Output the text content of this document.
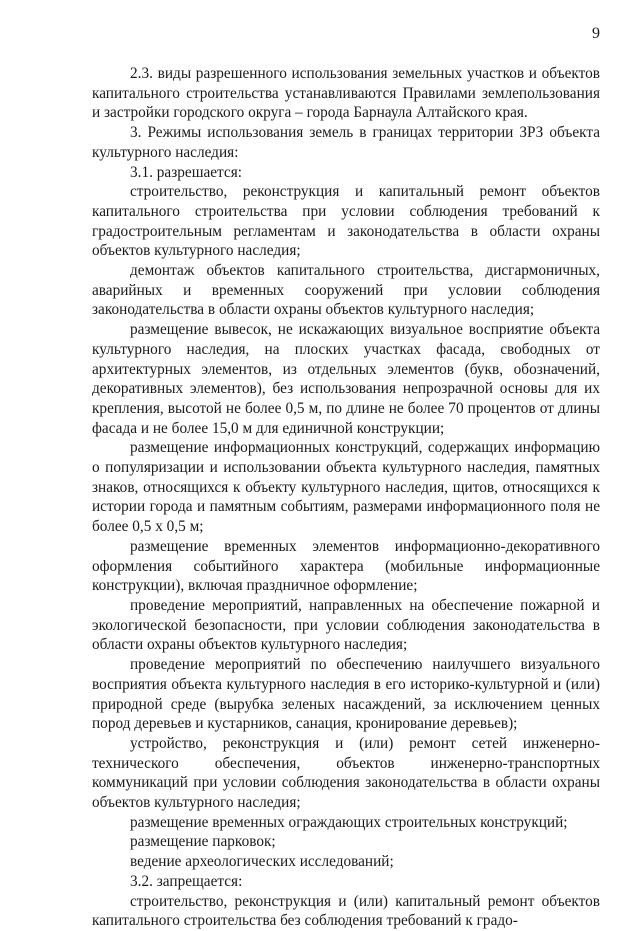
9

2.3. виды разрешенного использования земельных участков и объектов капитального строительства устанавливаются Правилами землепользования и застройки городского округа – города Барнаула Алтайского края.

3. Режимы использования земель в границах территории ЗРЗ объекта культурного наследия:

3.1. разрешается:

строительство, реконструкция и капитальный ремонт объектов капитального строительства при условии соблюдения требований к градостроительным регламентам и законодательства в области охраны объектов культурного наследия;

демонтаж объектов капитального строительства, дисгармоничных, аварийных и временных сооружений при условии соблюдения законодательства в области охраны объектов культурного наследия;

размещение вывесок, не искажающих визуальное восприятие объекта культурного наследия, на плоских участках фасада, свободных от архитектурных элементов, из отдельных элементов (букв, обозначений, декоративных элементов), без использования непрозрачной основы для их крепления, высотой не более 0,5 м, по длине не более 70 процентов от длины фасада и не более 15,0 м для единичной конструкции;

размещение информационных конструкций, содержащих информацию о популяризации и использовании объекта культурного наследия, памятных знаков, относящихся к объекту культурного наследия, щитов, относящихся к истории города и памятным событиям, размерами информационного поля не более 0,5 х 0,5 м;

размещение временных элементов информационно-декоративного оформления событийного характера (мобильные информационные конструкции), включая праздничное оформление;

проведение мероприятий, направленных на обеспечение пожарной и экологической безопасности, при условии соблюдения законодательства в области охраны объектов культурного наследия;

проведение мероприятий по обеспечению наилучшего визуального восприятия объекта культурного наследия в его историко-культурной и (или) природной среде (вырубка зеленых насаждений, за исключением ценных пород деревьев и кустарников, санация, кронирование деревьев);

устройство, реконструкция и (или) ремонт сетей инженерно-технического обеспечения, объектов инженерно-транспортных коммуникаций при условии соблюдения законодательства в области охраны объектов культурного наследия;

размещение временных ограждающих строительных конструкций;

размещение парковок;

ведение археологических исследований;

3.2. запрещается:

строительство, реконструкция и (или) капитальный ремонт объектов капитального строительства без соблюдения требований к градо-
